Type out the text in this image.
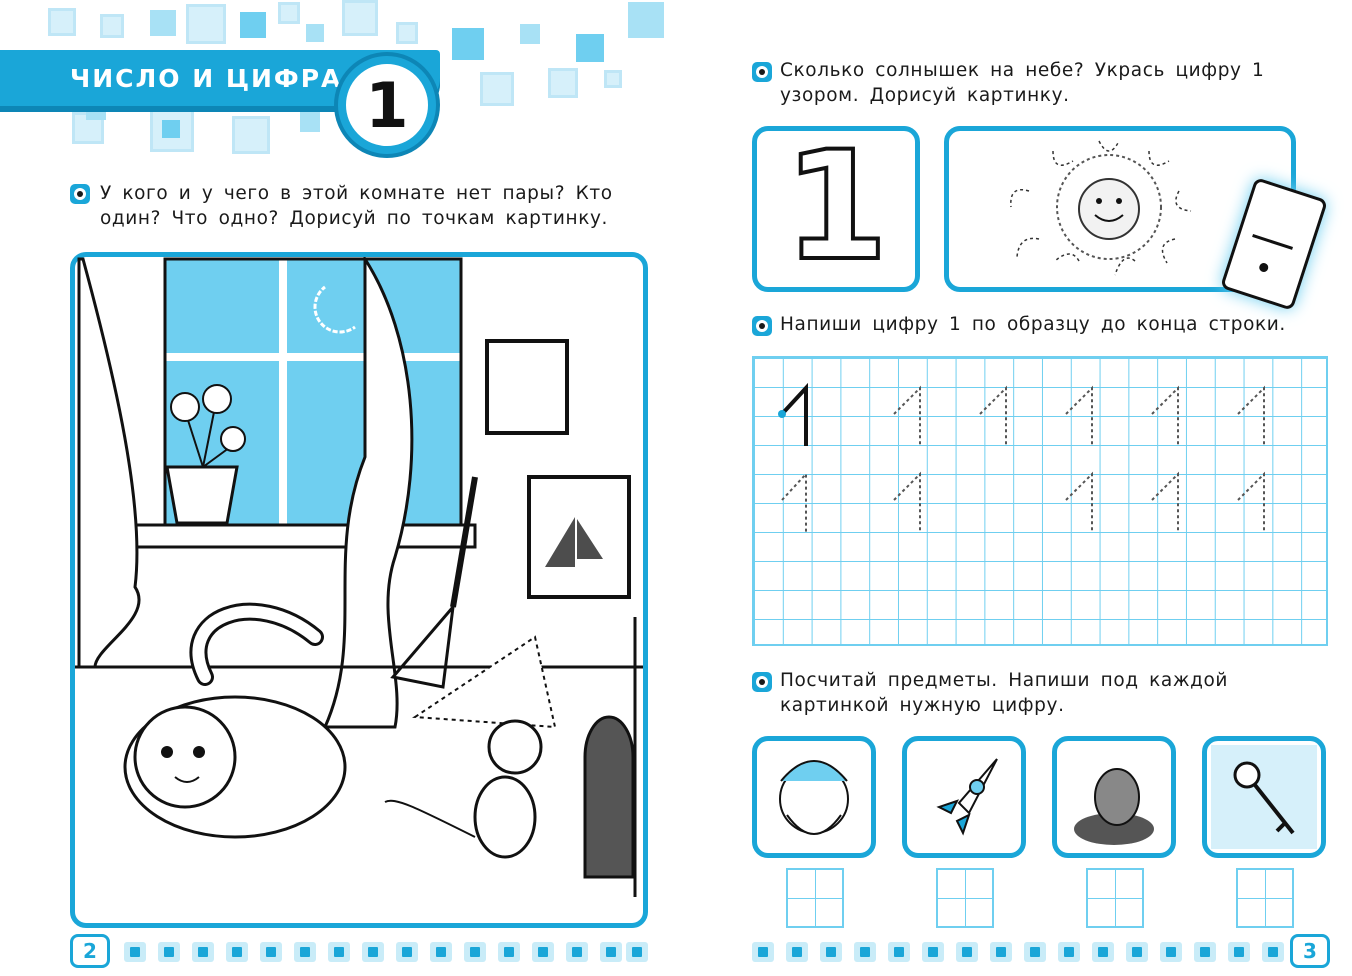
ЧИСЛО И ЦИФРА 1
У кого и у чего в этой комнате нет пары? Кто один? Что одно? Дорисуй по точкам картинку.
2
Сколько солнышек на небе? Укрась цифру 1 узором. Дорисуй картинку.
1
Напиши цифру 1 по образцу до конца строки.
Посчитай предметы. Напиши под каждой картинкой нужную цифру.
3
